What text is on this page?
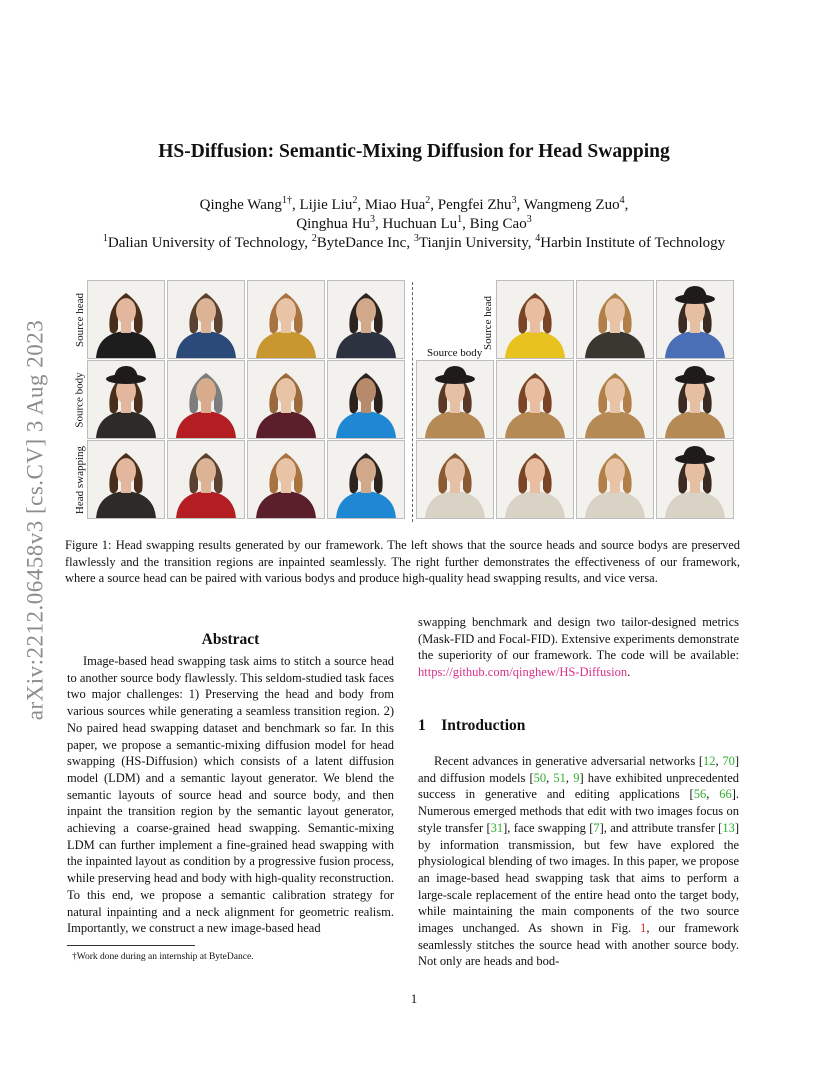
arXiv:2212.06458v3 [cs.CV] 3 Aug 2023
HS-Diffusion: Semantic-Mixing Diffusion for Head Swapping
Qinghe Wang$^{1\dagger}$, Lijie Liu$^2$, Miao Hua$^2$, Pengfei Zhu$^3$, Wangmeng Zuo$^4$,
Qinghua Hu$^3$, Huchuan Lu$^1$, Bing Cao$^3$
$^1$Dalian University of Technology, $^2$ByteDance Inc, $^3$Tianjin University, $^4$Harbin Institute of Technology
Source head
Source body
Head swapping
Source head
Source body
Figure 1: Head swapping results generated by our framework. The left shows that the source heads and source bodys are preserved flawlessly and the transition regions are inpainted seamlessly. The right further demonstrates the effectiveness of our framework, where a source head can be paired with various bodys and produce high-quality head swapping results, and vice versa.
Abstract
Image-based head swapping task aims to stitch a source head to another source body flawlessly. This seldom-studied task faces two major challenges: 1) Preserving the head and body from various sources while generating a seamless transition region. 2) No paired head swapping dataset and benchmark so far. In this paper, we propose a semantic-mixing diffusion model for head swapping (HS-Diffusion) which consists of a latent diffusion model (LDM) and a semantic layout generator. We blend the semantic layouts of source head and source body, and then inpaint the transition region by the semantic layout generator, achieving a coarse-grained head swapping. Semantic-mixing LDM can further implement a fine-grained head swapping with the inpainted layout as condition by a progressive fusion process, while preserving head and body with high-quality reconstruction. To this end, we propose a semantic calibration strategy for natural inpainting and a neck alignment for geometric realism. Importantly, we construct a new image-based head
swapping benchmark and design two tailor-designed metrics (Mask-FID and Focal-FID). Extensive experiments demonstrate the superiority of our framework. The code will be available: https://github.com/qinghew/HS-Diffusion.
1 Introduction
Recent advances in generative adversarial networks [12, 70] and diffusion models [50, 51, 9] have exhibited unprecedented success in generative and editing applications [56, 66]. Numerous emerged methods that edit with two images focus on style transfer [31], face swapping [7], and attribute transfer [13] by information transmission, but few have explored the physiological blending of two images. In this paper, we propose an image-based head swapping task that aims to perform a large-scale replacement of the entire head onto the target body, while maintaining the main components of the two source images unchanged. As shown in Fig. 1, our framework seamlessly stitches the source head with another source body. Not only are heads and bod-
†Work done during an internship at ByteDance.
1
